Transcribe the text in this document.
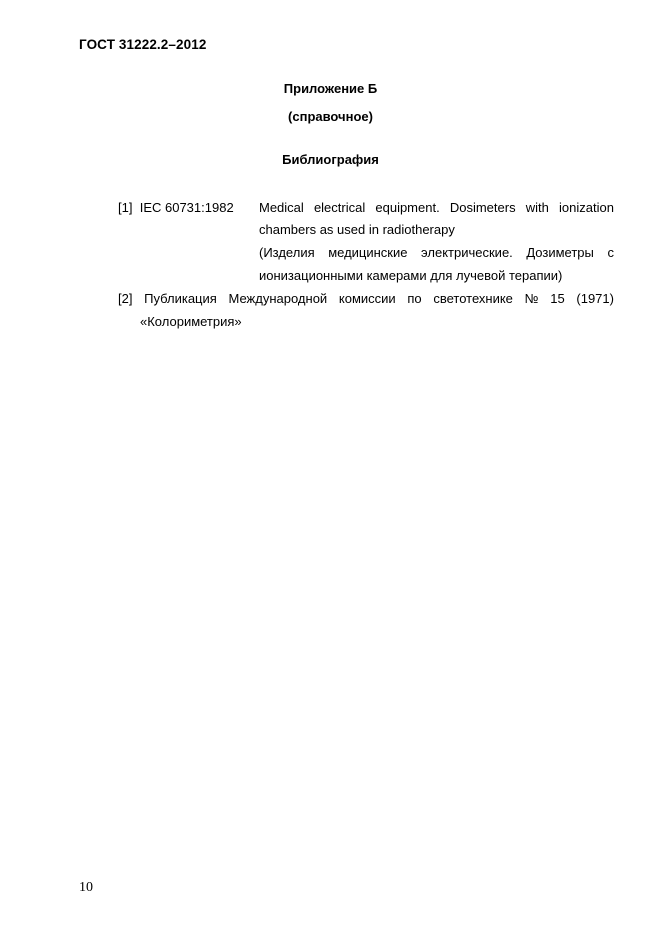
ГОСТ 31222.2–2012
Приложение Б
(справочное)
Библиография
[1] IEC 60731:1982 Medical electrical equipment. Dosimeters with ionization
chambers as used in radiotherapy
(Изделия медицинские электрические. Дозиметры с
ионизационными камерами для лучевой терапии)
[2] Публикация Международной комиссии по светотехнике № 15 (1971)
«Колориметрия»
10
